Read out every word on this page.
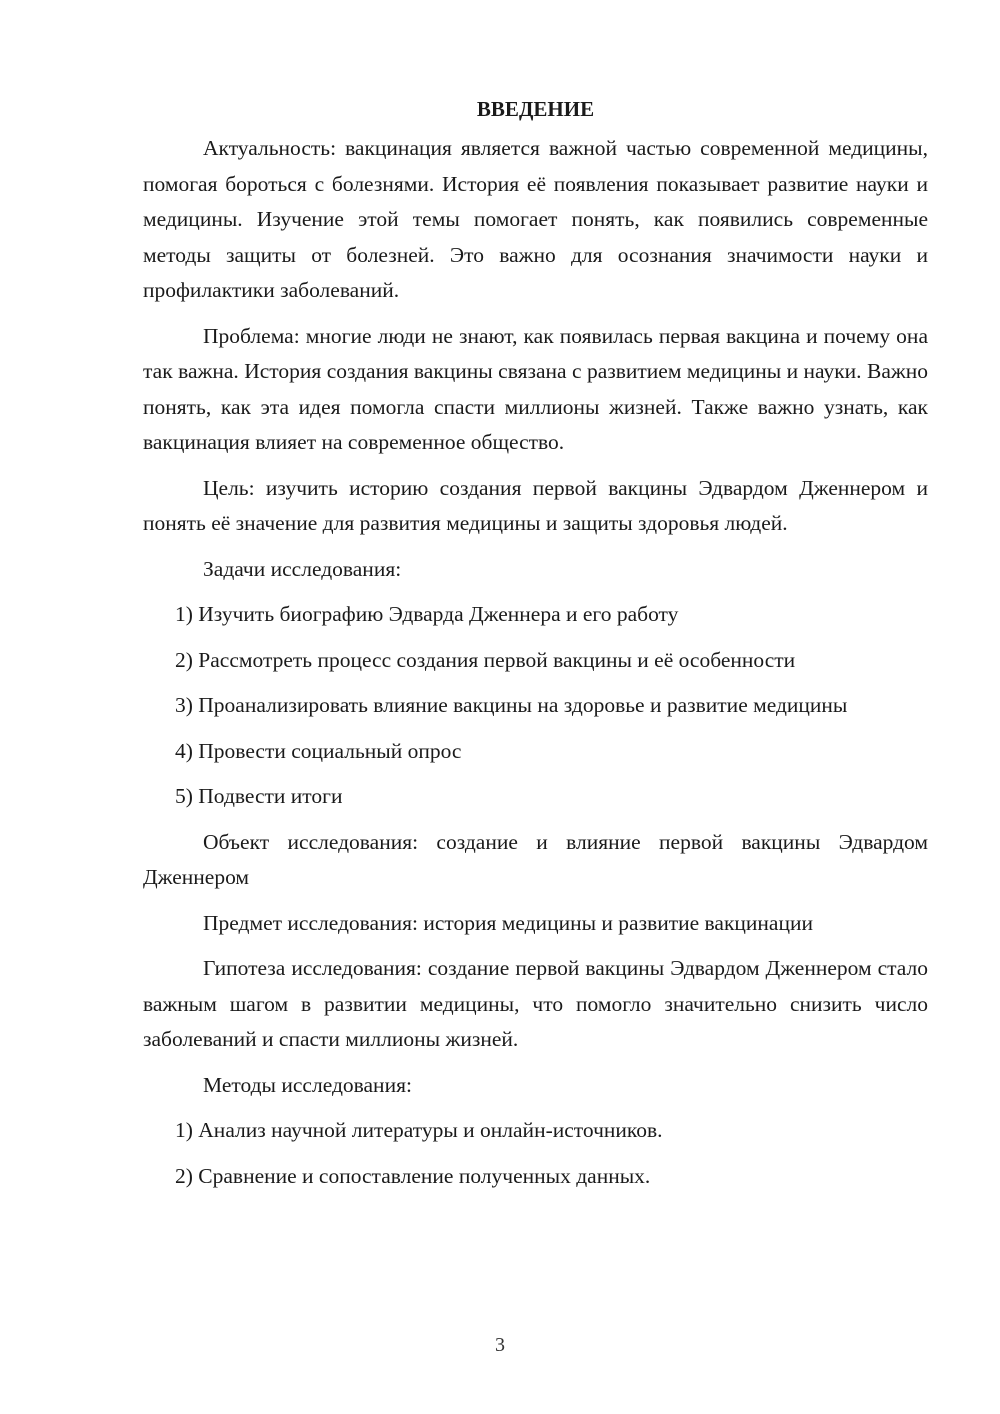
ВВЕДЕНИЕ

Актуальность: вакцинация является важной частью современной медицины, помогая бороться с болезнями. История её появления показывает развитие науки и медицины. Изучение этой темы помогает понять, как появились современные методы защиты от болезней. Это важно для осознания значимости науки и профилактики заболеваний.

Проблема: многие люди не знают, как появилась первая вакцина и почему она так важна. История создания вакцины связана с развитием медицины и науки. Важно понять, как эта идея помогла спасти миллионы жизней. Также важно узнать, как вакцинация влияет на современное общество.

Цель: изучить историю создания первой вакцины Эдвардом Дженнером и понять её значение для развития медицины и защиты здоровья людей.

Задачи исследования:

1) Изучить биографию Эдварда Дженнера и его работу

2) Рассмотреть процесс создания первой вакцины и её особенности

3) Проанализировать влияние вакцины на здоровье и развитие медицины

4) Провести социальный опрос

5) Подвести итоги

Объект исследования: создание и влияние первой вакцины Эдвардом Дженнером

Предмет исследования: история медицины и развитие вакцинации

Гипотеза исследования: создание первой вакцины Эдвардом Дженнером стало важным шагом в развитии медицины, что помогло значительно снизить число заболеваний и спасти миллионы жизней.

Методы исследования:

1) Анализ научной литературы и онлайн-источников.

2) Сравнение и сопоставление полученных данных.

3
